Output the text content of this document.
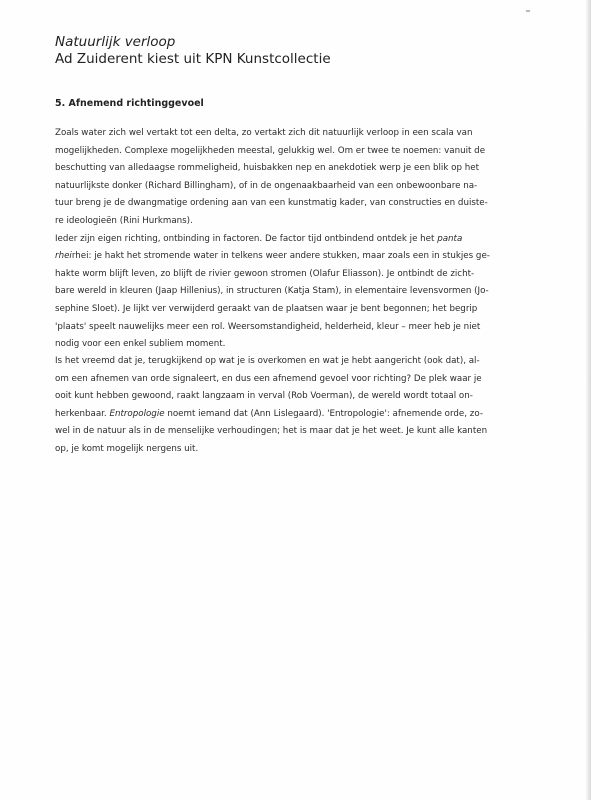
Natuurlijk verloop
Ad Zuiderent kiest uit KPN Kunstcollectie
5. Afnemend richtinggevoel
Zoals water zich wel vertakt tot een delta, zo vertakt zich dit natuurlijk verloop in een scala van
mogelijkheden. Complexe mogelijkheden meestal, gelukkig wel. Om er twee te noemen: vanuit de
beschutting van alledaagse rommeligheid, huisbakken nep en anekdotiek werp je een blik op het
natuurlijkste donker (Richard Billingham), of in de ongenaakbaarheid van een onbewoonbare na-
tuur breng je de dwangmatige ordening aan van een kunstmatig kader, van constructies en duiste-
re ideologieën (Rini Hurkmans).
Ieder zijn eigen richting, ontbinding in factoren. De factor tijd ontbindend ontdek je het panta
rheirhei: je hakt het stromende water in telkens weer andere stukken, maar zoals een in stukjes ge-
hakte worm blijft leven, zo blijft de rivier gewoon stromen (Olafur Eliasson). Je ontbindt de zicht-
bare wereld in kleuren (Jaap Hillenius), in structuren (Katja Stam), in elementaire levensvormen (Jo-
sephine Sloet). Je lijkt ver verwijderd geraakt van de plaatsen waar je bent begonnen; het begrip
'plaats' speelt nauwelijks meer een rol. Weersomstandigheid, helderheid, kleur – meer heb je niet
nodig voor een enkel subliem moment.
Is het vreemd dat je, terugkijkend op wat je is overkomen en wat je hebt aangericht (ook dat), al-
om een afnemen van orde signaleert, en dus een afnemend gevoel voor richting? De plek waar je
ooit kunt hebben gewoond, raakt langzaam in verval (Rob Voerman), de wereld wordt totaal on-
herkenbaar. Entropologie noemt iemand dat (Ann Lislegaard). 'Entropologie': afnemende orde, zo-
wel in de natuur als in de menselijke verhoudingen; het is maar dat je het weet. Je kunt alle kanten
op, je komt mogelijk nergens uit.
